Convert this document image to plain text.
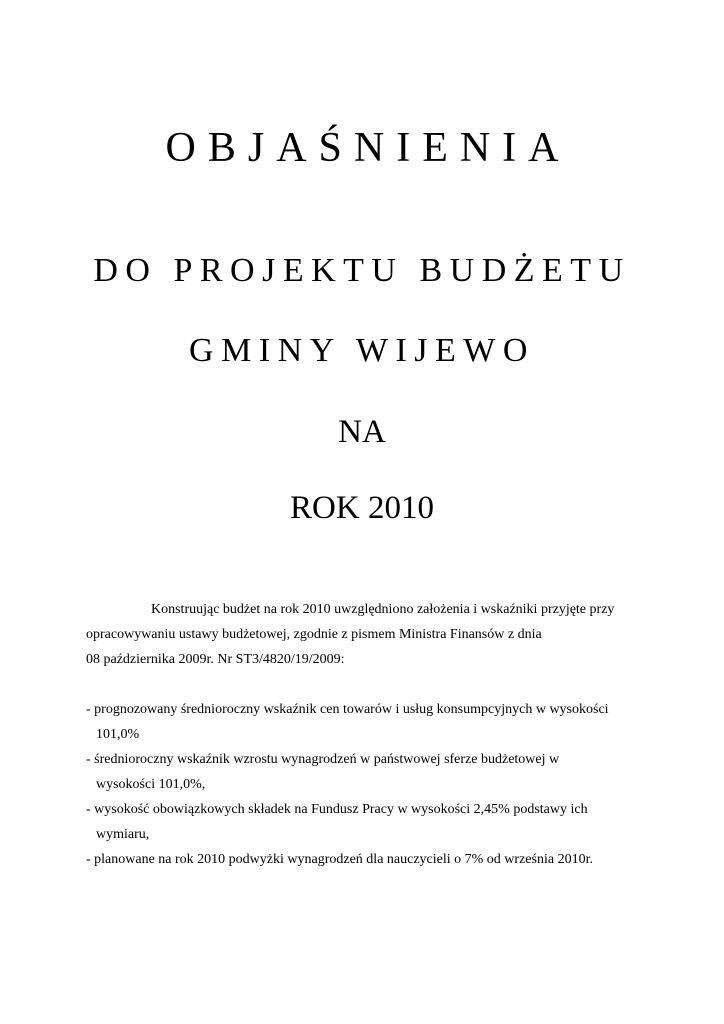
OBJAŚNIENIA
DO PROJEKTU BUDŻETU
GMINY WIJEWO
NA
ROK 2010
Konstruując budżet na rok 2010 uwzględniono założenia i wskaźniki przyjęte przy
opracowywaniu ustawy budżetowej, zgodnie z pismem Ministra Finansów z dnia
08 października 2009r. Nr ST3/4820/19/2009:
- prognozowany średnioroczny wskaźnik cen towarów i usług konsumpcyjnych w wysokości
101,0%
- średnioroczny wskaźnik wzrostu wynagrodzeń w państwowej sferze budżetowej w
wysokości 101,0%,
- wysokość obowiązkowych składek na Fundusz Pracy w wysokości 2,45% podstawy ich
wymiaru,
- planowane na rok 2010 podwyżki wynagrodzeń dla nauczycieli o 7% od września 2010r.
